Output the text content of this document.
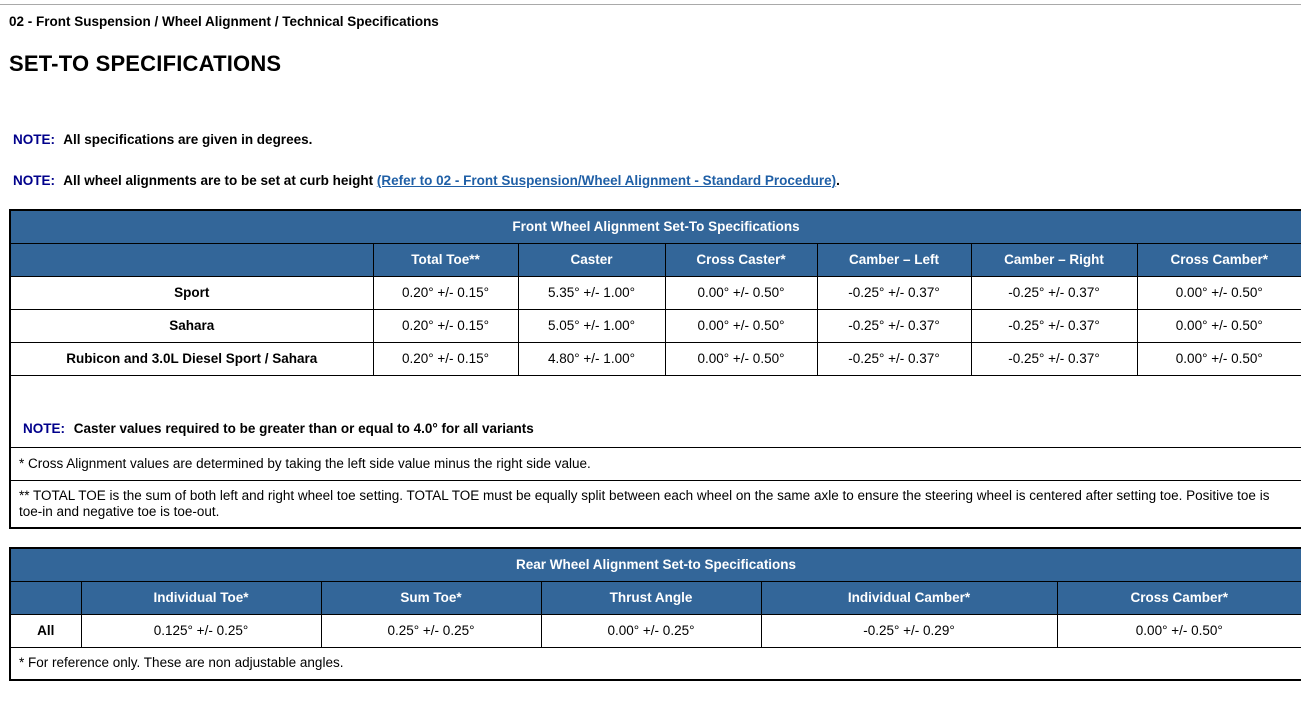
02 - Front Suspension / Wheel Alignment / Technical Specifications
SET-TO SPECIFICATIONS
NOTE: All specifications are given in degrees.
NOTE: All wheel alignments are to be set at curb height (Refer to 02 - Front Suspension/Wheel Alignment - Standard Procedure).
Front Wheel Alignment Set-To Specifications						
	Total Toe**	Caster	Cross Caster*	Camber – Left	Camber – Right	Cross Camber*
Sport	0.20° +/- 0.15°	5.35° +/- 1.00°	0.00° +/- 0.50°	-0.25° +/- 0.37°	-0.25° +/- 0.37°	0.00° +/- 0.50°
Sahara	0.20° +/- 0.15°	5.05° +/- 1.00°	0.00° +/- 0.50°	-0.25° +/- 0.37°	-0.25° +/- 0.37°	0.00° +/- 0.50°
Rubicon and 3.0L Diesel Sport / Sahara	0.20° +/- 0.15°	4.80° +/- 1.00°	0.00° +/- 0.50°	-0.25° +/- 0.37°	-0.25° +/- 0.37°	0.00° +/- 0.50°
NOTE: Caster values required to be greater than or equal to 4.0° for all variants						
* Cross Alignment values are determined by taking the left side value minus the right side value.						
** TOTAL TOE is the sum of both left and right wheel toe setting. TOTAL TOE must be equally split between each wheel on the same axle to ensure the steering wheel is centered after setting toe. Positive toe is toe-in and negative toe is toe-out.						
Rear Wheel Alignment Set-to Specifications					
	Individual Toe*	Sum Toe*	Thrust Angle	Individual Camber*	Cross Camber*
All	0.125° +/- 0.25°	0.25° +/- 0.25°	0.00° +/- 0.25°	-0.25° +/- 0.29°	0.00° +/- 0.50°
* For reference only. These are non adjustable angles.					
